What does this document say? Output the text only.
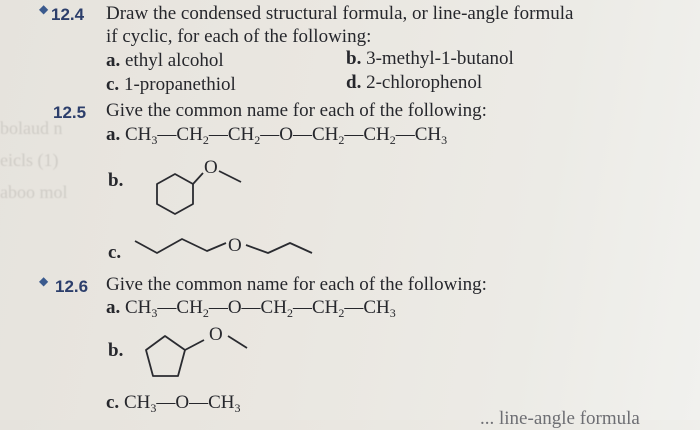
bolaud n
eicls (1)
aboo mol
◆ 12.4 Draw the condensed structural formula, or line-angle formula
if cyclic, for each of the following:
a. ethyl alcohol	b. 3-methyl-1-butanol
c. 1-propanethiol	d. 2-chlorophenol
12.5 Give the common name for each of the following:
a. $CH_3—CH_2—CH_2—O—CH_2—CH_2—CH_3$
b.
O
c.	O
◆ 12.6 Give the common name for each of the following:
a. $CH_3—CH_2—O—CH_2—CH_2—CH_3$
b.
O
c. $CH_3—O—CH_3$	... line-angle formula
